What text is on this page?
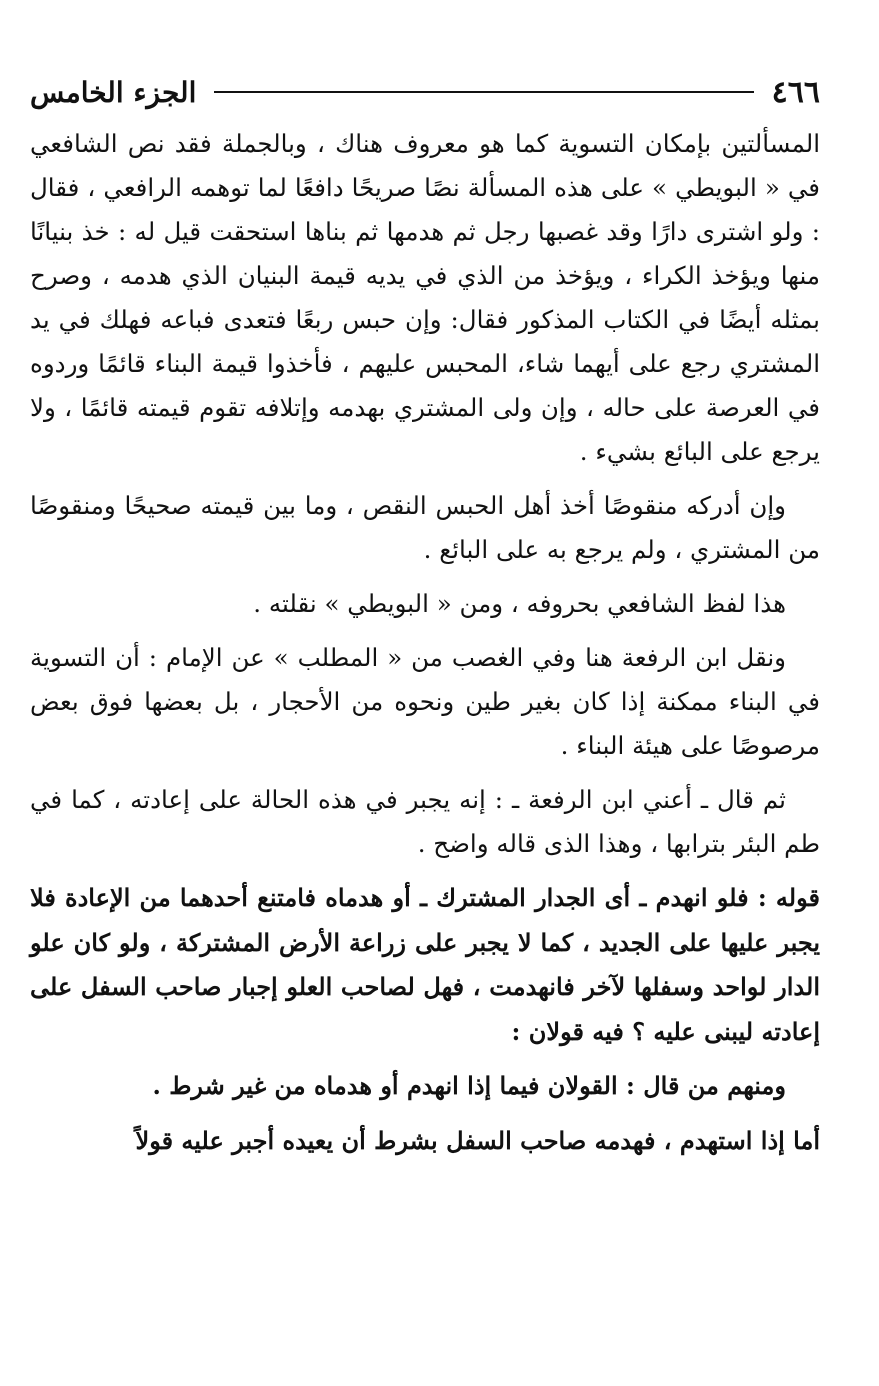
٤٦٦
الجزء الخامس

المسألتين بإمكان التسوية كما هو معروف هناك ، وبالجملة فقد نص الشافعي في « البويطي » على هذه المسألة نصًا صريحًا دافعًا لما توهمه الرافعي ، فقال : ولو اشترى دارًا وقد غصبها رجل ثم هدمها ثم بناها استحقت قيل له : خذ بنيانًا منها ويؤخذ الكراء ، ويؤخذ من الذي في يديه قيمة البنيان الذي هدمه ، وصرح بمثله أيضًا في الكتاب المذكور فقال: وإن حبس ربعًا فتعدى فباعه فهلك في يد المشتري رجع على أيهما شاء، المحبس عليهم ، فأخذوا قيمة البناء قائمًا وردوه في العرصة على حاله ، وإن ولى المشتري بهدمه وإتلافه تقوم قيمته قائمًا ، ولا يرجع على البائع بشيء .

وإن أدركه منقوصًا أخذ أهل الحبس النقص ، وما بين قيمته صحيحًا ومنقوصًا من المشتري ، ولم يرجع به على البائع .

هذا لفظ الشافعي بحروفه ، ومن « البويطي » نقلته .

ونقل ابن الرفعة هنا وفي الغصب من « المطلب » عن الإمام : أن التسوية في البناء ممكنة إذا كان بغير طين ونحوه من الأحجار ، بل بعضها فوق بعض مرصوصًا على هيئة البناء .

ثم قال ـ أعني ابن الرفعة ـ : إنه يجبر في هذه الحالة على إعادته ، كما في طم البئر بترابها ، وهذا الذى قاله واضح .

قوله : فلو انهدم ـ أى الجدار المشترك ـ أو هدماه فامتنع أحدهما من الإعادة فلا يجبر عليها على الجديد ، كما لا يجبر على زراعة الأرض المشتركة ، ولو كان علو الدار لواحد وسفلها لآخر فانهدمت ، فهل لصاحب العلو إجبار صاحب السفل على إعادته ليبنى عليه ؟ فيه قولان :

ومنهم من قال : القولان فيما إذا انهدم أو هدماه من غير شرط .

أما إذا استهدم ، فهدمه صاحب السفل بشرط أن يعيده أجبر عليه قولاً
